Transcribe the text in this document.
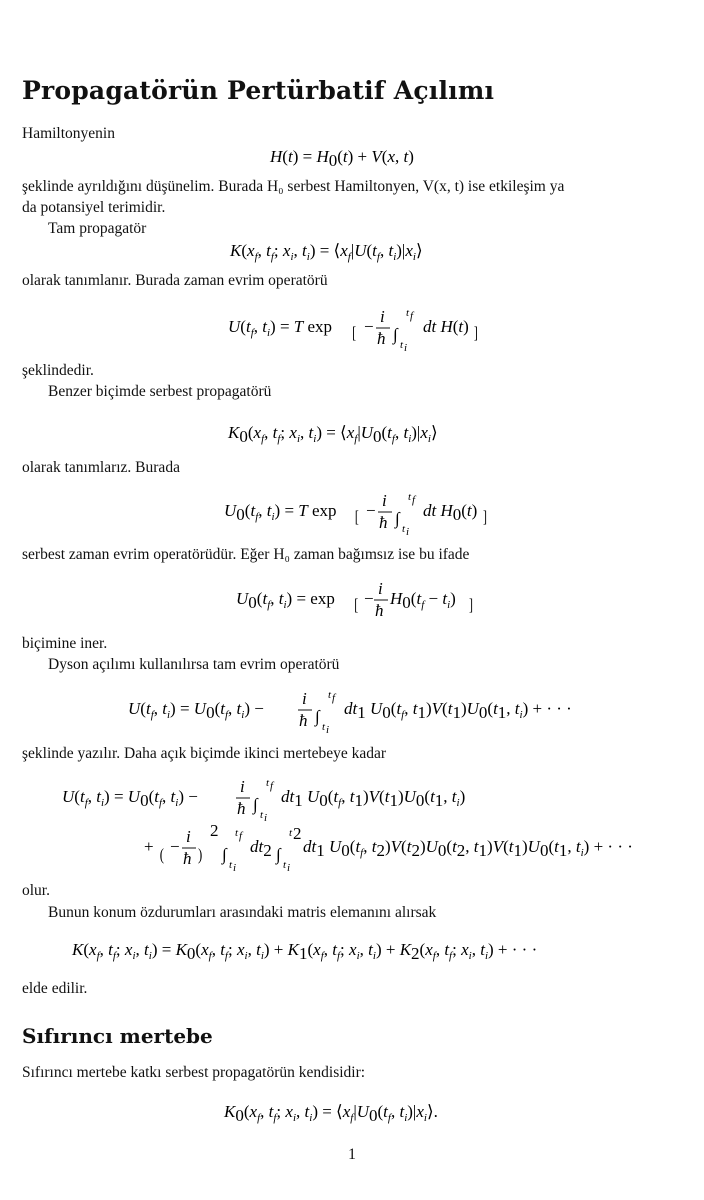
Propagatörün Pertürbatif Açılımı
Hamiltonyenin
H(t) = H0(t) + V(x, t)
şeklinde ayrıldığını düşünelim. Burada H₀ serbest Hamiltonyen, V(x, t) ise etkileşim ya
da potansiyel terimidir.
Tam propagatör
$K(x_f$, $t_f$; $x_i$, $t_i$) = $⟨x_f|U(t_f$, $t_i)|x_i⟩$
olarak tanımlanır. Burada zaman evrim operatörü
$U(t_f$, $t_i) = T$ exp [ −
i
ħ ∫
t f
t i
dt H(t) ]
şeklindedir.
Benzer biçimde serbest propagatörü
$K0(x_f$, $t_f$; $x_i$, $t_i$) = $⟨x_f|U0(t_f$, $t_i)|x_i⟩$
olarak tanımlarız. Burada
$U0(t_f$, $t_i) = T$ exp [ −
i
ħ ∫
t f
t i
dt H0(t) ]
serbest zaman evrim operatörüdür. Eğer H₀ zaman bağımsız ise bu ifade
$U0(t_f$, $t_i) = \exp$ [ −
i
ħ
$H0(t_f - t_i)$ ]
biçimine iner.
Dyson açılımı kullanılırsa tam evrim operatörü
$U(t_f$, $t_i) = U0(t_f$, $t_i$) −
i
ħ ∫
t f
t i
dt1 $U0(t_f$, t1)V(t1)U0(t1, $t_i$) + · · ·
şeklinde yazılır. Daha açık biçimde ikinci mertebeye kadar
$U(t_f$, $t_i) = U0(t_f$, $t_i$) −
i
ħ ∫
t f
t i
dt1 $U0(t_f$, t1)V(t1)U0(t1, $t_i$)
+ ( −
i
ħ )
2
∫
t f
t i
dt2 ∫
t 2
t i
dt1 $U0(t_f$, t2)V(t2)U0(t2, t1)V(t1)U0(t1, $t_i$) + · · ·
olur.
Bunun konum özdurumları arasındaki matris elemanını alırsak
$K(x_f$, $t_f$; $x_i$, $t_i) = K0(x_f$, $t_f$; $x_i$, $t_i) + K1(x_f$, $t_f$; $x_i$, $t_i) + K2(x_f$, $t_f$; $x_i$, $t_i$) + · · ·
elde edilir.
Sıfırıncı mertebe
Sıfırıncı mertebe katkı serbest propagatörün kendisidir:
$K0(x_f$, $t_f$; $x_i$, $t_i$) = $⟨x_f|U0(t_f$, $t_i)|x_i⟩$.
1
